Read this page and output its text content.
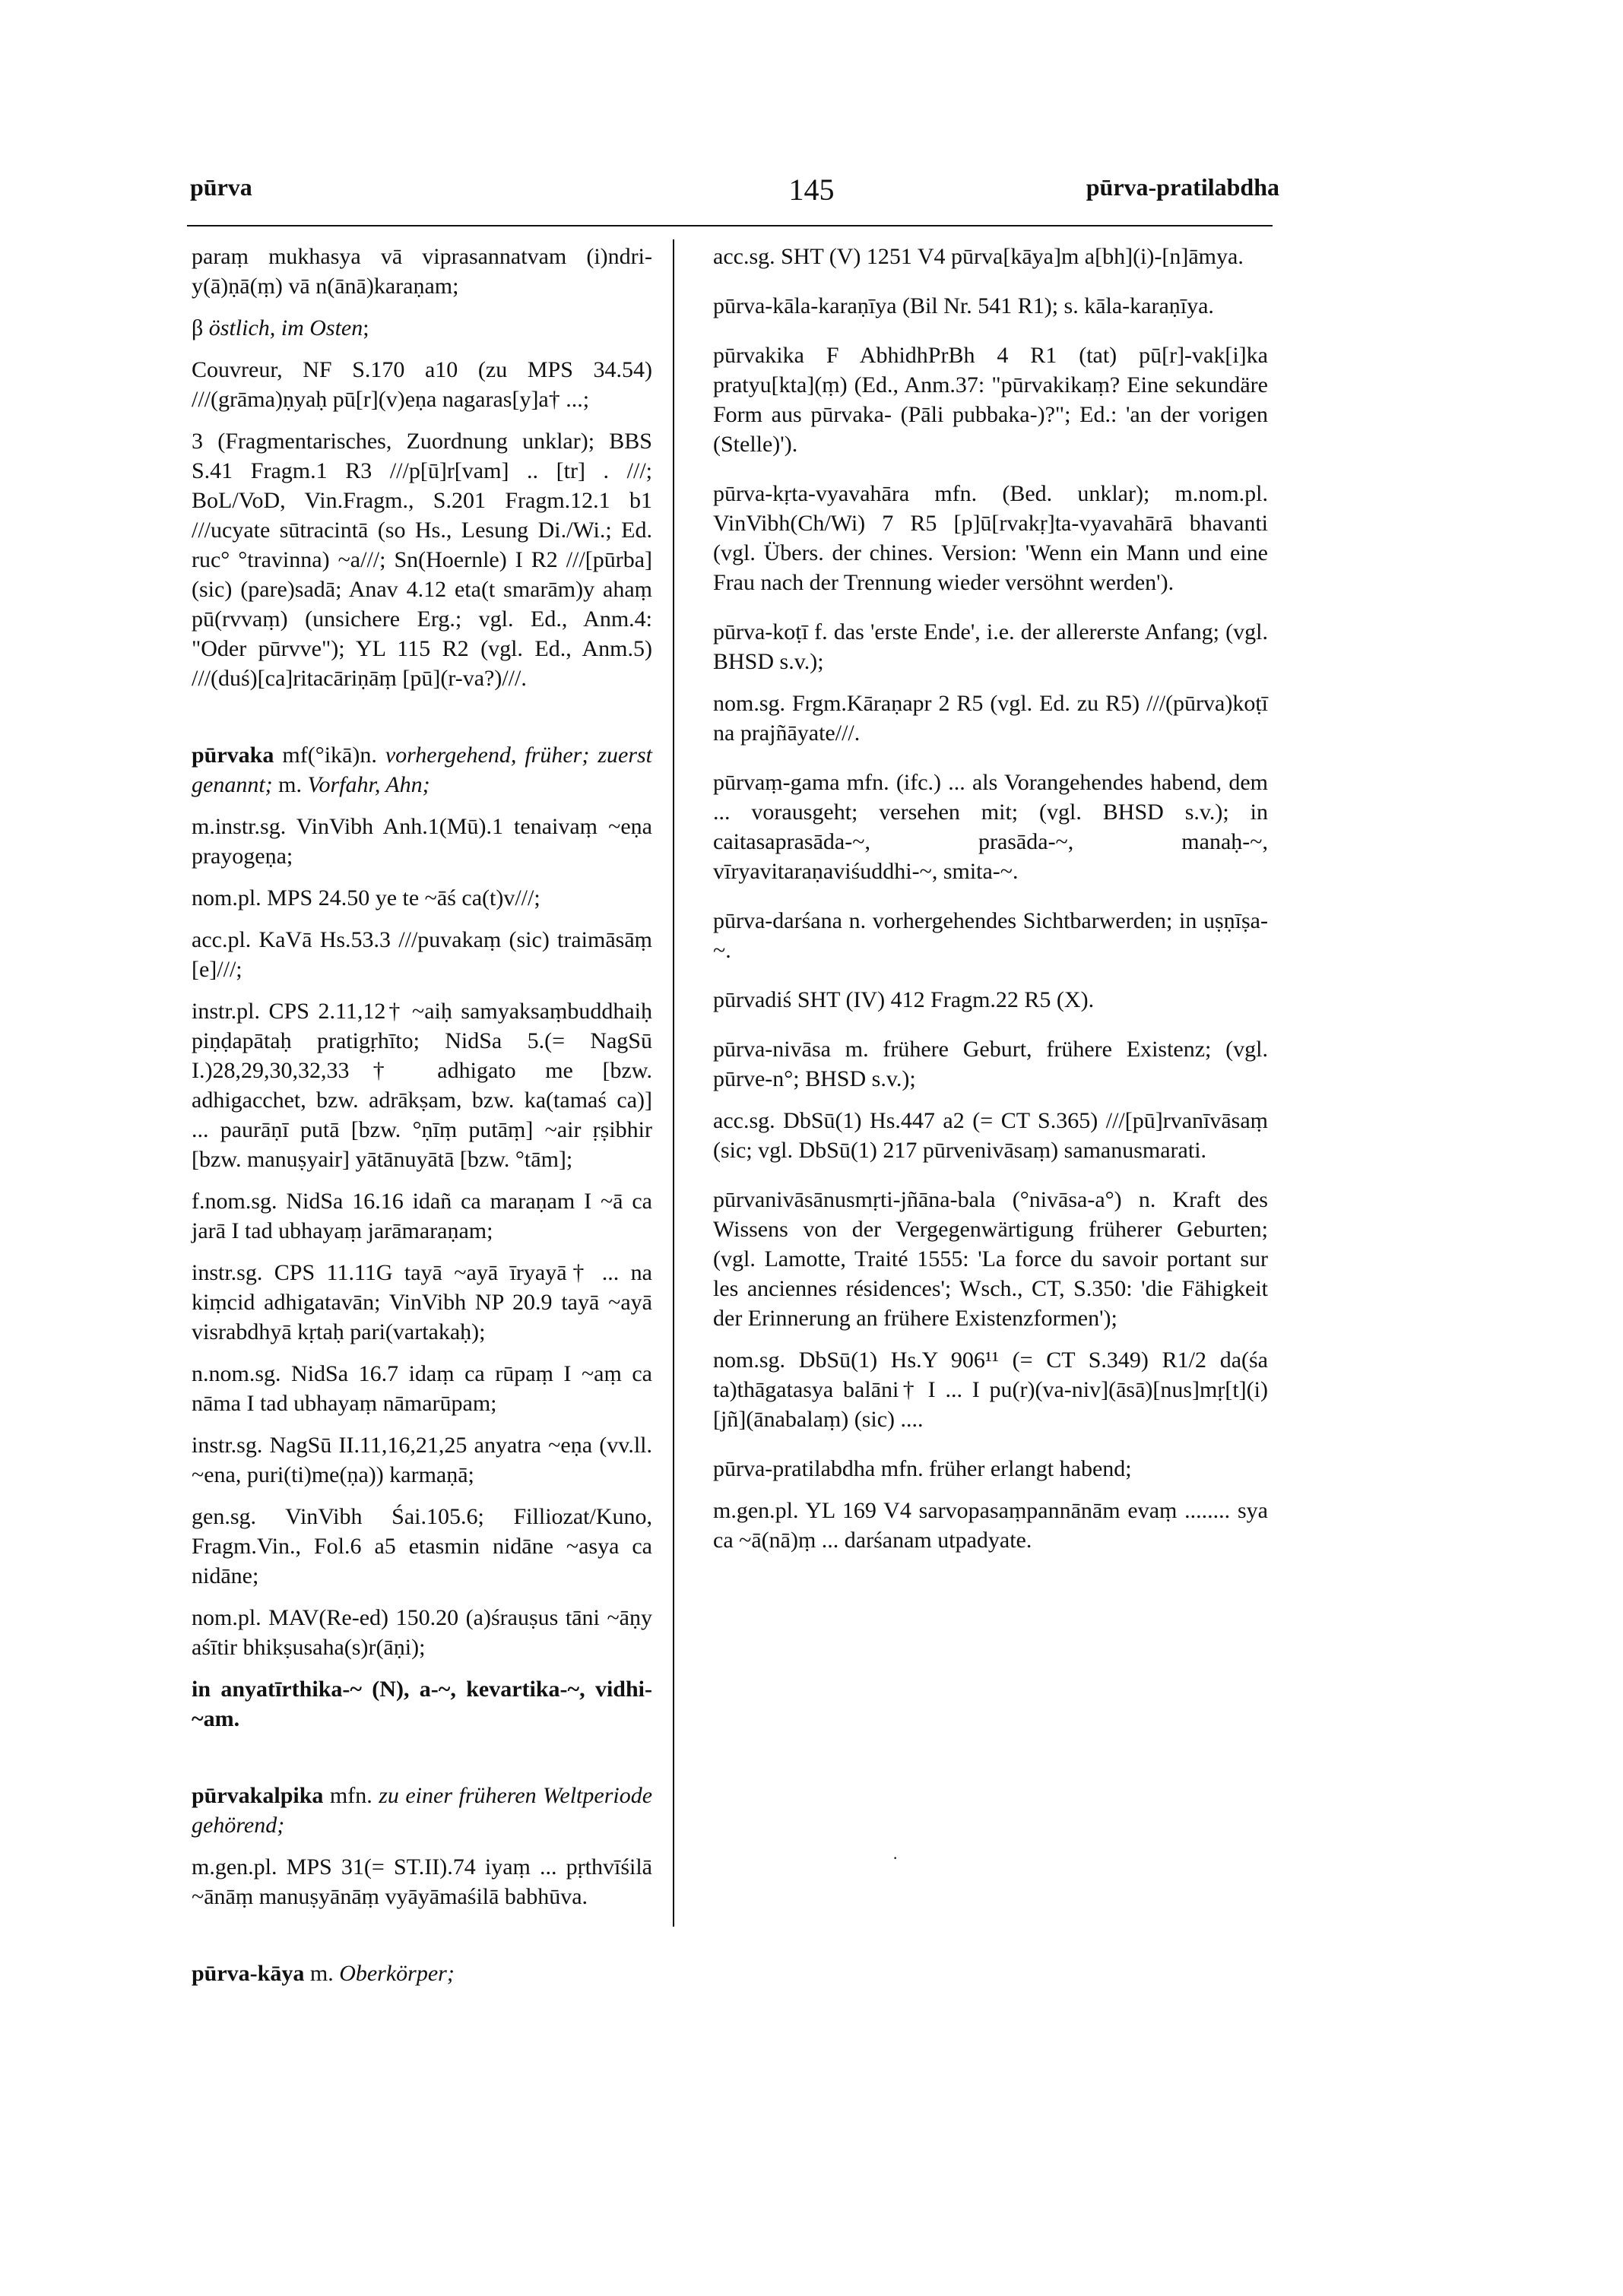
pūrva	145	pūrva-pratilabdha

paraṃ mukhasya vā viprasannatvam (i)ndri-y(ā)ṇā(ṃ) vā n(ānā)karaṇam;

β östlich, im Osten;

Couvreur, NF S.170 a10 (zu MPS 34.54) ///(grāma)ṇyaḥ pū[r](v)eṇa nagaras[y]a† ...;

3 (Fragmentarisches, Zuordnung unklar); BBS S.41 Fragm.1 R3 ///p[ū]r[vam] .. [tr] . ///; BoL/VoD, Vin.Fragm., S.201 Fragm.12.1 b1 ///ucyate sūtracintā (so Hs., Lesung Di./Wi.; Ed. ruc° °travinna) ~a///; Sn(Hoernle) I R2 ///[pūrba] (sic) (pare)sadā; Anav 4.12 eta(t smarām)y ahaṃ pū(rvvaṃ) (unsichere Erg.; vgl. Ed., Anm.4: "Oder pūrvve"); YL 115 R2 (vgl. Ed., Anm.5) ///(duś)[ca]ritacāriṇāṃ [pū](r-va?)///.

pūrvaka mf(°ikā)n. vorhergehend, früher; zuerst genannt; m. Vorfahr, Ahn;

m.instr.sg. VinVibh Anh.1(Mū).1 tenaivaṃ ~eṇa prayogeṇa;

nom.pl. MPS 24.50 ye te ~āś ca(t)v///;

acc.pl. KaVā Hs.53.3 ///puvakaṃ (sic) traimāsāṃ [e]///;

instr.pl. CPS 2.11,12† ~aiḥ samyaksaṃbuddhaiḥ piṇḍapātaḥ pratigṛhīto; NidSa 5.(= NagSū I.)28,29,30,32,33† adhigato me [bzw. adhigacchet, bzw. adrākṣam, bzw. ka(tamaś ca)] ... paurāṇī putā [bzw. °ṇīṃ putāṃ] ~air ṛṣibhir [bzw. manuṣyair] yātānuyātā [bzw. °tām];

f.nom.sg. NidSa 16.16 idañ ca maraṇam I ~ā ca jarā I tad ubhayaṃ jarāmaraṇam;

instr.sg. CPS 11.11G tayā ~ayā īryayā† ... na kiṃcid adhigatavān; VinVibh NP 20.9 tayā ~ayā visrabdhyā kṛtaḥ pari(vartakaḥ);

n.nom.sg. NidSa 16.7 idaṃ ca rūpaṃ I ~aṃ ca nāma I tad ubhayaṃ nāmarūpam;

instr.sg. NagSū II.11,16,21,25 anyatra ~eṇa (vv.ll. ~ena, puri(ti)me(ṇa)) karmaṇā;

gen.sg. VinVibh Śai.105.6; Filliozat/Kuno, Fragm.Vin., Fol.6 a5 etasmin nidāne ~asya ca nidāne;

nom.pl. MAV(Re-ed) 150.20 (a)śrauṣus tāni ~āṇy aśītir bhikṣusaha(s)r(āṇi);

in anyatīrthika-~ (N), a-~, kevartika-~, vidhi-~am.

pūrvakalpika mfn. zu einer früheren Weltperiode gehörend;

m.gen.pl. MPS 31(= ST.II).74 iyaṃ ... pṛthvīśilā ~ānāṃ manuṣyānāṃ vyāyāmaśilā babhūva.

pūrva-kāya m. Oberkörper;

·

acc.sg. SHT (V) 1251 V4 pūrva[kāya]m a[bh](i)-[n]āmya.

pūrva-kāla-karaṇīya (Bil Nr. 541 R1); s. kāla-karaṇīya.

pūrvakika F AbhidhPrBh 4 R1 (tat) pū[r]-vak[i]ka pratyu[kta](ṃ) (Ed., Anm.37: "pūrvakikaṃ? Eine sekundäre Form aus pūrvaka- (Pāli pubbaka-)?"; Ed.: 'an der vorigen (Stelle)').

pūrva-kṛta-vyavahāra mfn. (Bed. unklar); m.nom.pl. VinVibh(Ch/Wi) 7 R5 [p]ū[rvakṛ]ta-vyavahārā bhavanti (vgl. Übers. der chines. Version: 'Wenn ein Mann und eine Frau nach der Trennung wieder versöhnt werden').

pūrva-koṭī f. das 'erste Ende', i.e. der allererste Anfang; (vgl. BHSD s.v.);

nom.sg. Frgm.Kāraṇapr 2 R5 (vgl. Ed. zu R5) ///(pūrva)koṭī na prajñāyate///.

pūrvaṃ-gama mfn. (ifc.) ... als Vorangehendes habend, dem ... vorausgeht; versehen mit; (vgl. BHSD s.v.); in caitasaprasāda-~, prasāda-~, manaḥ-~, vīryavitaraṇaviśuddhi-~, smita-~.

pūrva-darśana n. vorhergehendes Sichtbarwerden; in uṣṇīṣa-~.

pūrvadiś SHT (IV) 412 Fragm.22 R5 (X).

pūrva-nivāsa m. frühere Geburt, frühere Existenz; (vgl. pūrve-n°; BHSD s.v.);

acc.sg. DbSū(1) Hs.447 a2 (= CT S.365) ///[pū]rvanīvāsaṃ (sic; vgl. DbSū(1) 217 pūrvenivāsaṃ) samanusmarati.

pūrvanivāsānusmṛti-jñāna-bala (°nivāsa-a°) n. Kraft des Wissens von der Vergegenwärtigung früherer Geburten; (vgl. Lamotte, Traité 1555: 'La force du savoir portant sur les anciennes résidences'; Wsch., CT, S.350: 'die Fähigkeit der Erinnerung an frühere Existenzformen');

nom.sg. DbSū(1) Hs.Y 906¹¹ (= CT S.349) R1/2 da(śa ta)thāgatasya balāni† I ... I pu(r)(va-niv](āsā)[nus]mṛ[t](i)[jñ](ānabalaṃ) (sic) ....

pūrva-pratilabdha mfn. früher erlangt habend;

m.gen.pl. YL 169 V4 sarvopasaṃpannānām evaṃ ........ sya ca ~ā(nā)ṃ ... darśanam utpadyate.
